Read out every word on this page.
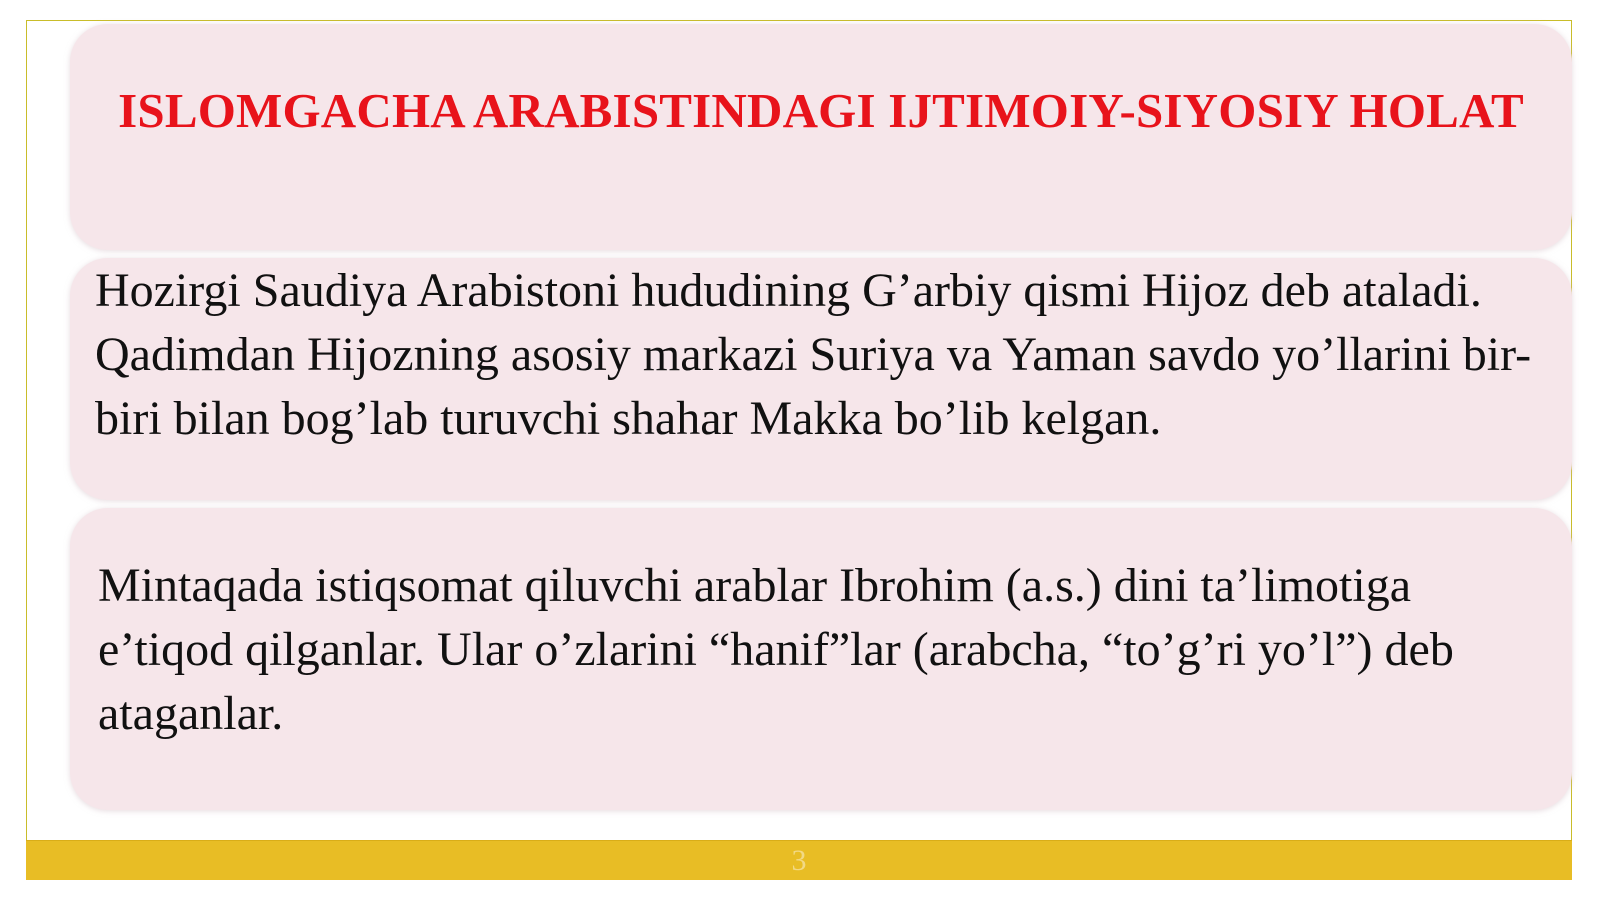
ISLOMGACHA ARABISTINDAGI IJTIMOIY-SIYOSIY HOLAT

Hozirgi Saudiya Arabistoni hududining G’arbiy qismi Hijoz deb ataladi. Qadimdan Hijozning asosiy markazi Suriya va Yaman savdo yo’llarini bir-biri bilan bog’lab turuvchi shahar Makka bo’lib kelgan.

Mintaqada istiqsomat qiluvchi arablar Ibrohim (a.s.) dini ta’limotiga e’tiqod qilganlar. Ular o’zlarini “hanif”lar (arabcha, “to’g’ri yo’l”) deb ataganlar.

3
